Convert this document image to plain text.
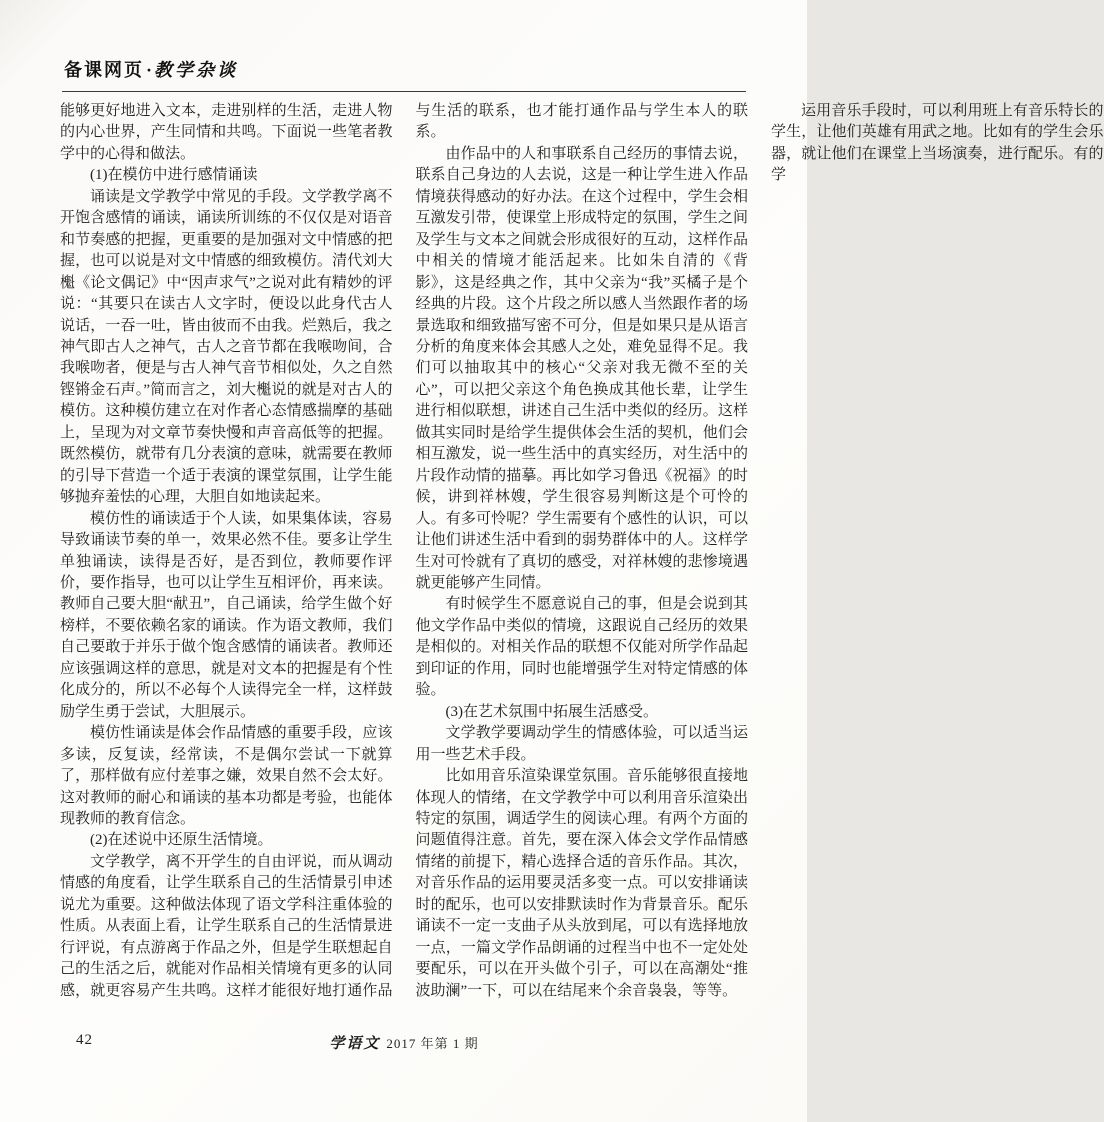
备课网页 · 教学杂谈

能够更好地进入文本，走进别样的生活，走进人物的内心世界，产生同情和共鸣。下面说一些笔者教学中的心得和做法。

(1)在模仿中进行感情诵读

诵读是文学教学中常见的手段。文学教学离不开饱含感情的诵读，诵读所训练的不仅仅是对语音和节奏感的把握，更重要的是加强对文中情感的把握，也可以说是对文中情感的细致模仿。清代刘大櫆《论文偶记》中“因声求气”之说对此有精妙的评说：“其要只在读古人文字时，便设以此身代古人说话，一吞一吐，皆由彼而不由我。烂熟后，我之神气即古人之神气，古人之音节都在我喉吻间，合我喉吻者，便是与古人神气音节相似处，久之自然铿锵金石声。”简而言之，刘大櫆说的就是对古人的模仿。这种模仿建立在对作者心态情感揣摩的基础上，呈现为对文章节奏快慢和声音高低等的把握。既然模仿，就带有几分表演的意味，就需要在教师的引导下营造一个适于表演的课堂氛围，让学生能够抛弃羞怯的心理，大胆自如地读起来。

模仿性的诵读适于个人读，如果集体读，容易导致诵读节奏的单一，效果必然不佳。要多让学生单独诵读，读得是否好，是否到位，教师要作评价，要作指导，也可以让学生互相评价，再来读。教师自己要大胆“献丑”，自己诵读，给学生做个好榜样，不要依赖名家的诵读。作为语文教师，我们自己要敢于并乐于做个饱含感情的诵读者。教师还应该强调这样的意思，就是对文本的把握是有个性化成分的，所以不必每个人读得完全一样，这样鼓励学生勇于尝试，大胆展示。

模仿性诵读是体会作品情感的重要手段，应该多读，反复读，经常读，不是偶尔尝试一下就算了，那样做有应付差事之嫌，效果自然不会太好。这对教师的耐心和诵读的基本功都是考验，也能体现教师的教育信念。

(2)在述说中还原生活情境。

文学教学，离不开学生的自由评说，而从调动情感的角度看，让学生联系自己的生活情景引申述说尤为重要。这种做法体现了语文学科注重体验的性质。从表面上看，让学生联系自己的生活情景进行评说，有点游离于作品之外，但是学生联想起自己的生活之后，就能对作品相关情境有更多的认同感，就更容易产生共鸣。这样才能很好地打通作品与生活的联系，也才能打通作品与学生本人的联系。

由作品中的人和事联系自己经历的事情去说，联系自己身边的人去说，这是一种让学生进入作品情境获得感动的好办法。在这个过程中，学生会相互激发引带，使课堂上形成特定的氛围，学生之间及学生与文本之间就会形成很好的互动，这样作品中相关的情境才能活起来。比如朱自清的《背影》，这是经典之作，其中父亲为“我”买橘子是个经典的片段。这个片段之所以感人当然跟作者的场景选取和细致描写密不可分，但是如果只是从语言分析的角度来体会其感人之处，难免显得不足。我们可以抽取其中的核心“父亲对我无微不至的关心”，可以把父亲这个角色换成其他长辈，让学生进行相似联想，讲述自己生活中类似的经历。这样做其实同时是给学生提供体会生活的契机，他们会相互激发，说一些生活中的真实经历，对生活中的片段作动情的描摹。再比如学习鲁迅《祝福》的时候，讲到祥林嫂，学生很容易判断这是个可怜的人。有多可怜呢？学生需要有个感性的认识，可以让他们讲述生活中看到的弱势群体中的人。这样学生对可怜就有了真切的感受，对祥林嫂的悲惨境遇就更能够产生同情。

有时候学生不愿意说自己的事，但是会说到其他文学作品中类似的情境，这跟说自己经历的效果是相似的。对相关作品的联想不仅能对所学作品起到印证的作用，同时也能增强学生对特定情感的体验。

(3)在艺术氛围中拓展生活感受。

文学教学要调动学生的情感体验，可以适当运用一些艺术手段。

比如用音乐渲染课堂氛围。音乐能够很直接地体现人的情绪，在文学教学中可以利用音乐渲染出特定的氛围，调适学生的阅读心理。有两个方面的问题值得注意。首先，要在深入体会文学作品情感情绪的前提下，精心选择合适的音乐作品。其次，对音乐作品的运用要灵活多变一点。可以安排诵读时的配乐，也可以安排默读时作为背景音乐。配乐诵读不一定一支曲子从头放到尾，可以有选择地放一点，一篇文学作品朗诵的过程当中也不一定处处要配乐，可以在开头做个引子，可以在高潮处“推波助澜”一下，可以在结尾来个余音袅袅，等等。

运用音乐手段时，可以利用班上有音乐特长的学生，让他们英雄有用武之地。比如有的学生会乐器，就让他们在课堂上当场演奏，进行配乐。有的学

42	学语文 2017 年第 1 期
